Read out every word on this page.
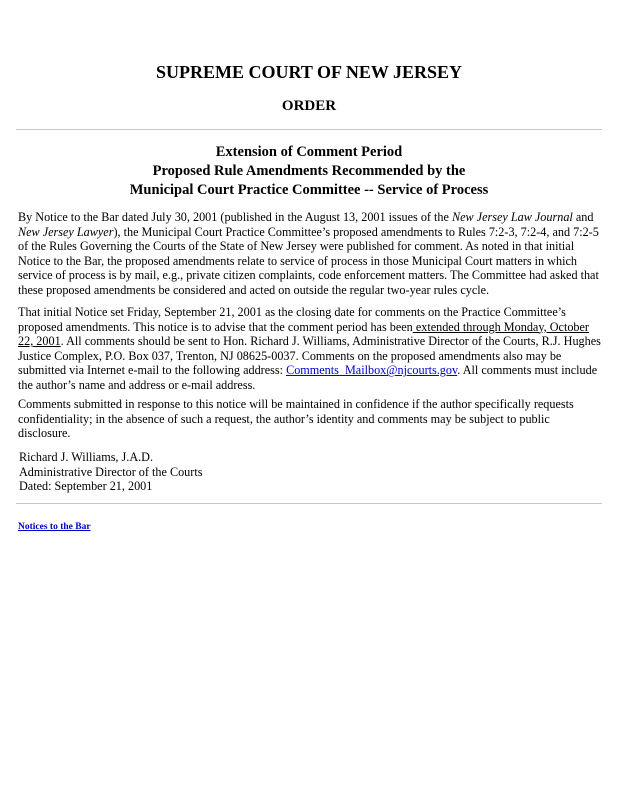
SUPREME COURT OF NEW JERSEY
ORDER
Extension of Comment Period
Proposed Rule Amendments Recommended by the
Municipal Court Practice Committee -- Service of Process

By Notice to the Bar dated July 30, 2001 (published in the August 13, 2001 issues of the New Jersey Law Journal and New Jersey Lawyer), the Municipal Court Practice Committee’s proposed amendments to Rules 7:2-3, 7:2-4, and 7:2-5 of the Rules Governing the Courts of the State of New Jersey were published for comment. As noted in that initial Notice to the Bar, the proposed amendments relate to service of process in those Municipal Court matters in which service of process is by mail, e.g., private citizen complaints, code enforcement matters. The Committee had asked that these proposed amendments be considered and acted on outside the regular two-year rules cycle.

That initial Notice set Friday, September 21, 2001 as the closing date for comments on the Practice Committee’s proposed amendments. This notice is to advise that the comment period has been extended through Monday, October 22, 2001. All comments should be sent to Hon. Richard J. Williams, Administrative Director of the Courts, R.J. Hughes Justice Complex, P.O. Box 037, Trenton, NJ 08625-0037. Comments on the proposed amendments also may be submitted via Internet e-mail to the following address: Comments_Mailbox@njcourts.gov. All comments must include the author’s name and address or e-mail address.

Comments submitted in response to this notice will be maintained in confidence if the author specifically requests confidentiality; in the absence of such a request, the author’s identity and comments may be subject to public disclosure.

Richard J. Williams, J.A.D.
Administrative Director of the Courts
Dated: September 21, 2001
Notices to the Bar
